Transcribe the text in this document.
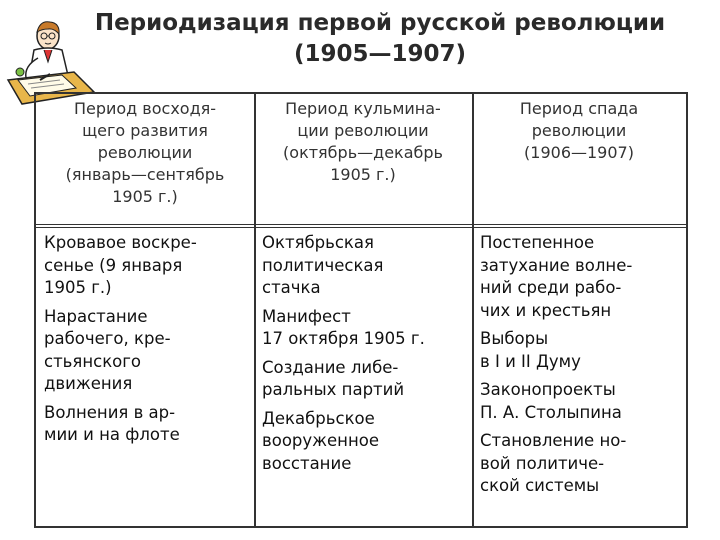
Периодизация первой русской революции
(1905—1907)
Период восходя-
щего развития
революции
(январь—сентябрь
1905 г.)
Период кульмина-
ции революции
(октябрь—декабрь
1905 г.)
Период спада
революции
(1906—1907)
Кровавое воскре-
сенье (9 января
1905 г.)
Нарастание
рабочего, кре-
стьянского
движения
Волнения в ар-
мии и на флоте
Октябрьская
политическая
стачка
Манифест
17 октября 1905 г.
Создание либе-
ральных партий
Декабрьское
вооруженное
восстание
Постепенное
затухание волне-
ний среди рабо-
чих и крестьян
Выборы
в I и II Думу
Законопроекты
П. А. Столыпина
Становление но-
вой политиче-
ской системы
